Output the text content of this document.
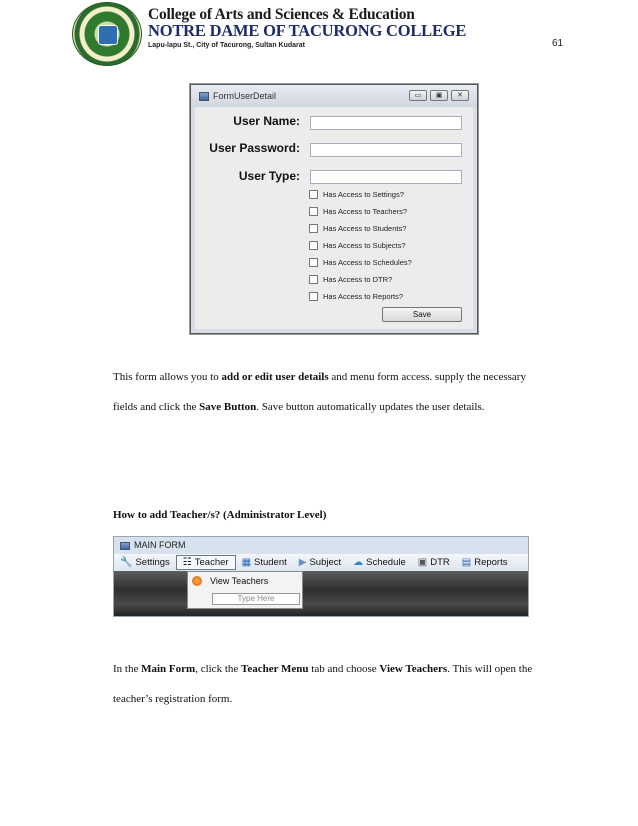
College of Arts and Sciences & Education
NOTRE DAME OF TACURONG COLLEGE
Lapu-lapu St., City of Tacurong, Sultan Kudarat	61
FormUserDetail	▭	▣	✕
User Name:
User Password:
User Type:
Has Access to Settings?
Has Access to Teachers?
Has Access to Students?
Has Access to Subjects?
Has Access to Schedules?
Has Access to DTR?
Has Access to Reports?
Save
This form allows you to add or edit user details and menu form access. supply the necessary fields and click the Save Button. Save button automatically updates the user details.
How to add Teacher/s? (Administrator Level)
MAIN FORM
🔧 Settings ☷ Teacher ▦ Student ▶ Subject ☁ Schedule ▣ DTR ▤ Reports
View Teachers
Type Here
In the Main Form, click the Teacher Menu tab and choose View Teachers. This will open the teacher’s registration form.
